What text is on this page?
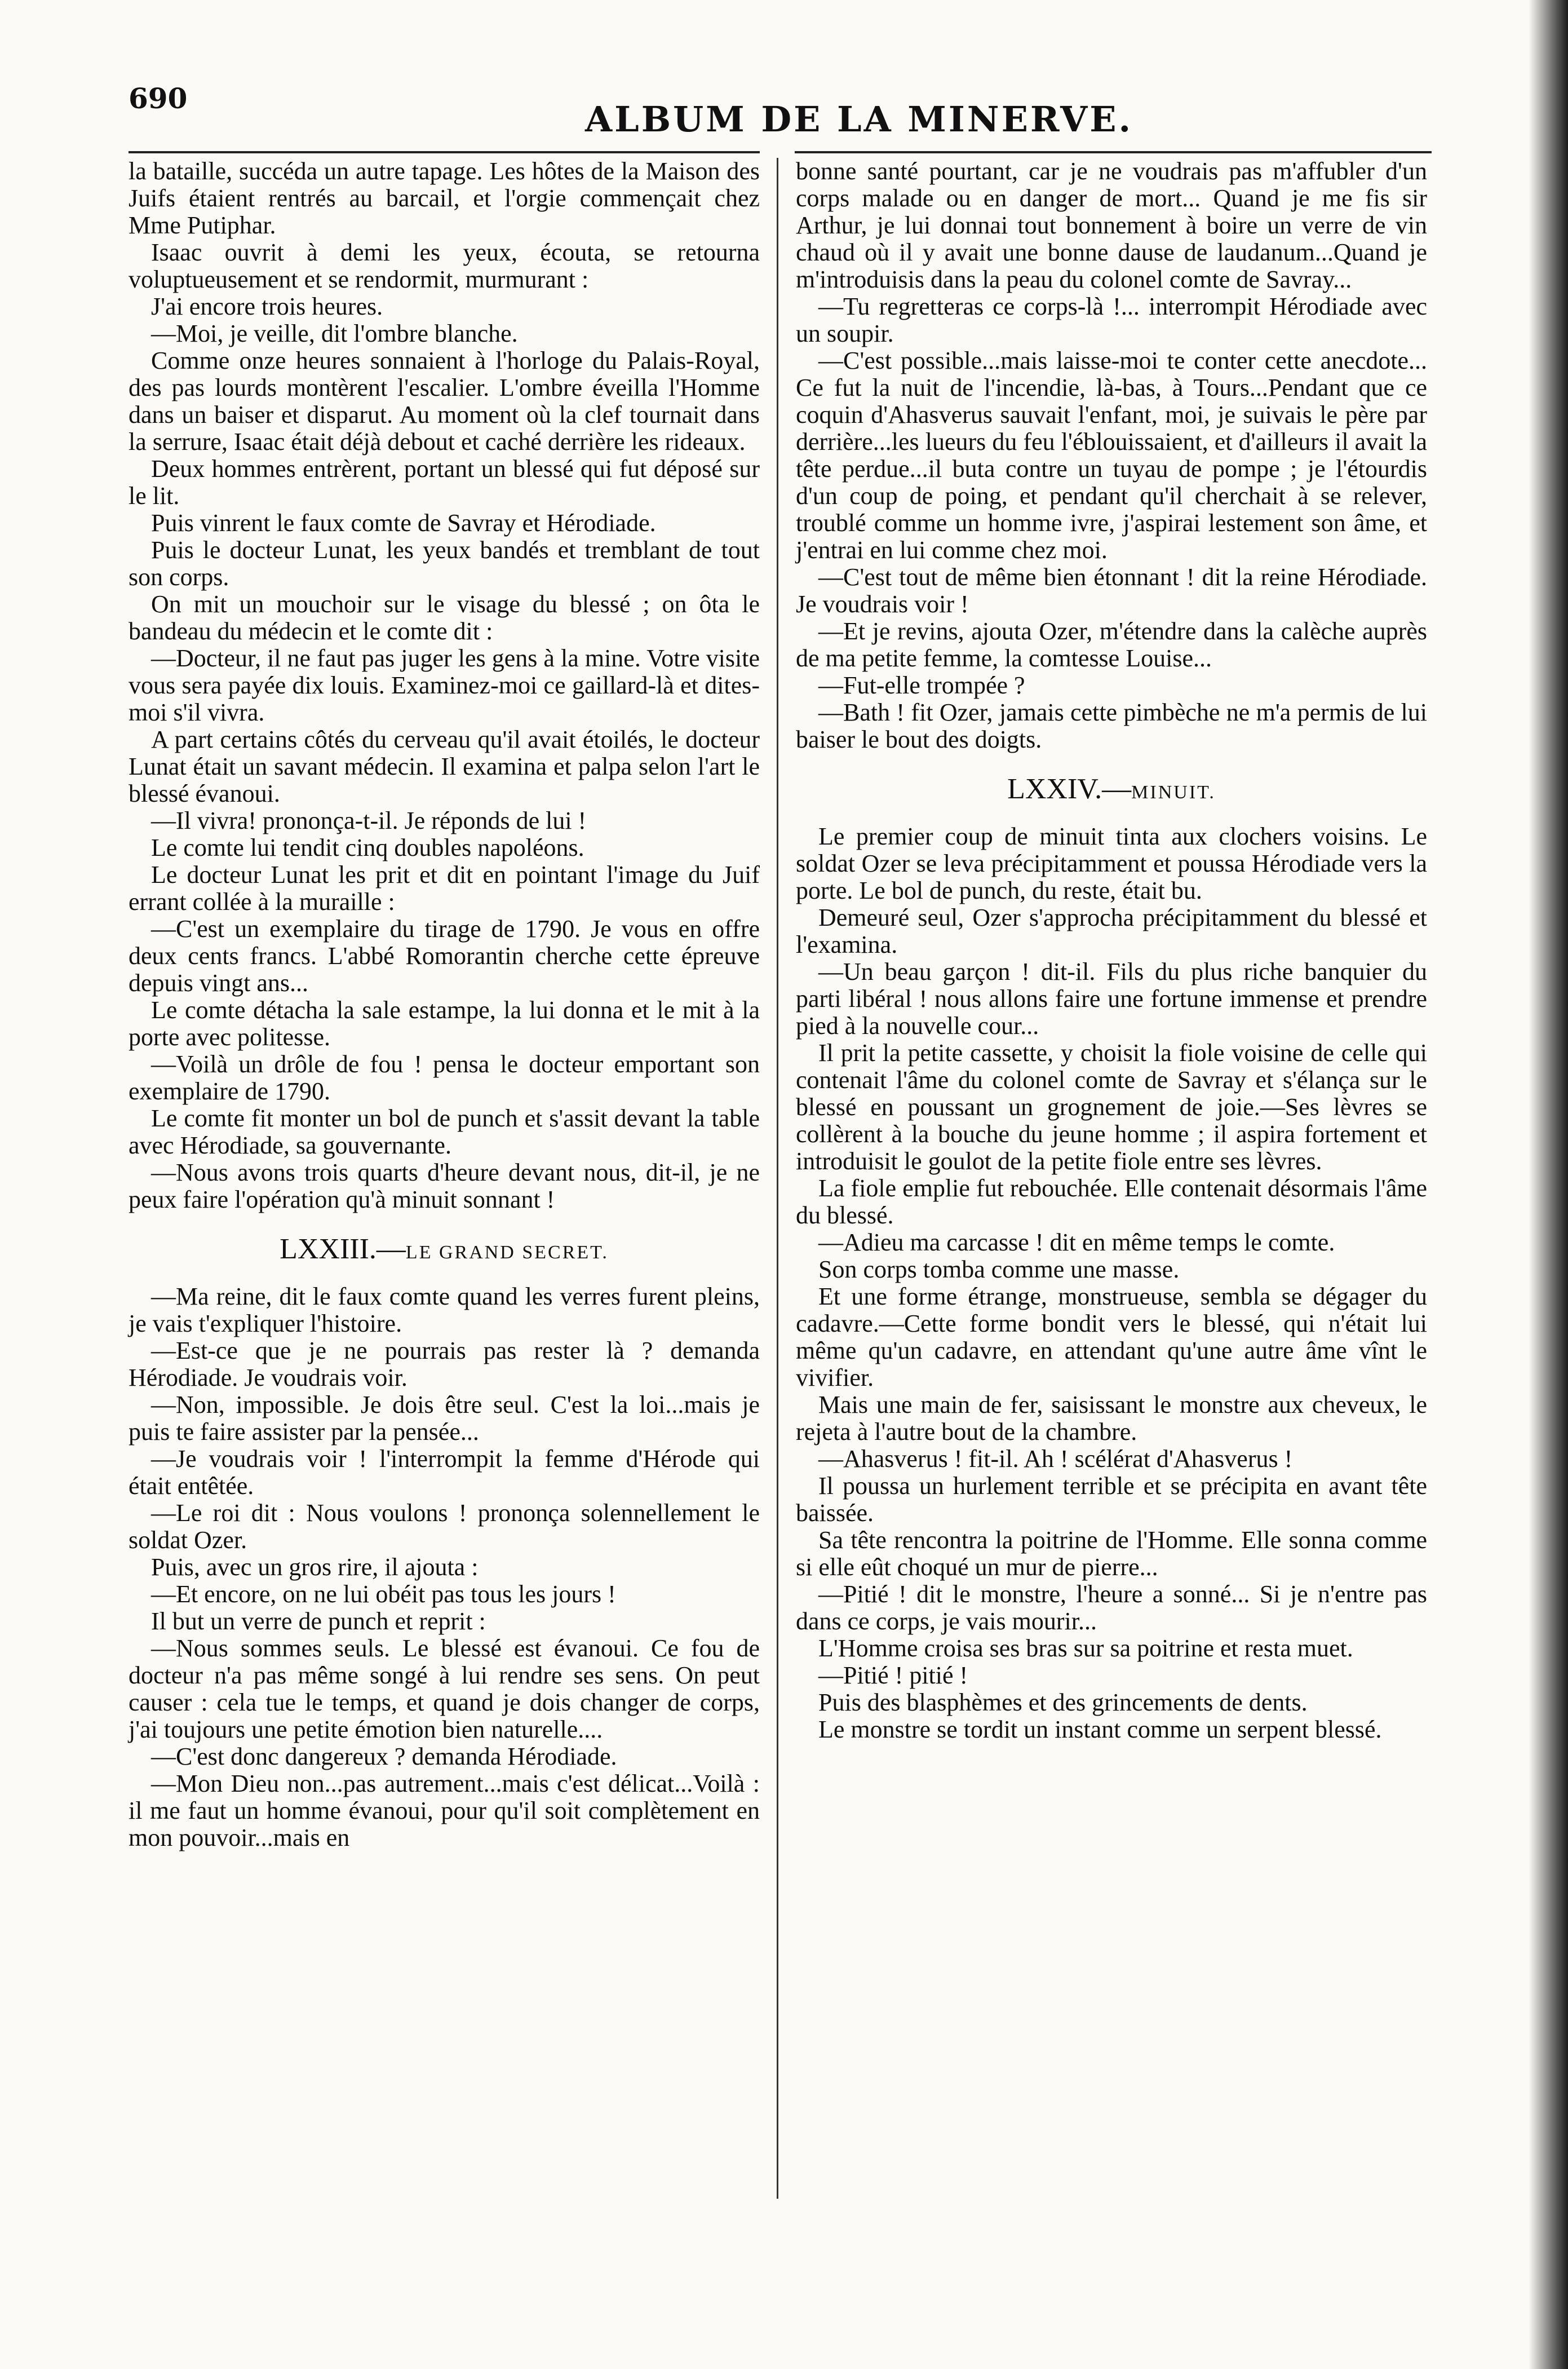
690
ALBUM DE LA MINERVE.

la bataille, succéda un autre tapage. Les hôtes de la Maison des Juifs étaient rentrés au barcail, et l'orgie commençait chez Mme Putiphar.

Isaac ouvrit à demi les yeux, écouta, se retourna voluptueusement et se rendormit, murmurant :

J'ai encore trois heures.

—Moi, je veille, dit l'ombre blanche.

Comme onze heures sonnaient à l'horloge du Palais-Royal, des pas lourds montèrent l'escalier. L'ombre éveilla l'Homme dans un baiser et disparut. Au moment où la clef tournait dans la serrure, Isaac était déjà debout et caché derrière les rideaux.

Deux hommes entrèrent, portant un blessé qui fut déposé sur le lit.

Puis vinrent le faux comte de Savray et Hérodiade.

Puis le docteur Lunat, les yeux bandés et tremblant de tout son corps.

On mit un mouchoir sur le visage du blessé ; on ôta le bandeau du médecin et le comte dit :

—Docteur, il ne faut pas juger les gens à la mine. Votre visite vous sera payée dix louis. Examinez-moi ce gaillard-là et dites-moi s'il vivra.

A part certains côtés du cerveau qu'il avait étoilés, le docteur Lunat était un savant médecin. Il examina et palpa selon l'art le blessé évanoui.

—Il vivra! prononça-t-il. Je réponds de lui !

Le comte lui tendit cinq doubles napoléons.

Le docteur Lunat les prit et dit en pointant l'image du Juif errant collée à la muraille :

—C'est un exemplaire du tirage de 1790. Je vous en offre deux cents francs. L'abbé Romorantin cherche cette épreuve depuis vingt ans...

Le comte détacha la sale estampe, la lui donna et le mit à la porte avec politesse.

—Voilà un drôle de fou ! pensa le docteur emportant son exemplaire de 1790.

Le comte fit monter un bol de punch et s'assit devant la table avec Hérodiade, sa gouvernante.

—Nous avons trois quarts d'heure devant nous, dit-il, je ne peux faire l'opération qu'à minuit sonnant !

LXXIII.—LE GRAND SECRET.

—Ma reine, dit le faux comte quand les verres furent pleins, je vais t'expliquer l'histoire.

—Est-ce que je ne pourrais pas rester là ? demanda Hérodiade. Je voudrais voir.

—Non, impossible. Je dois être seul. C'est la loi...mais je puis te faire assister par la pensée...

—Je voudrais voir ! l'interrompit la femme d'Hérode qui était entêtée.

—Le roi dit : Nous voulons ! prononça solennellement le soldat Ozer.

Puis, avec un gros rire, il ajouta :

—Et encore, on ne lui obéit pas tous les jours !

Il but un verre de punch et reprit :

—Nous sommes seuls. Le blessé est évanoui. Ce fou de docteur n'a pas même songé à lui rendre ses sens. On peut causer : cela tue le temps, et quand je dois changer de corps, j'ai toujours une petite émotion bien naturelle....

—C'est donc dangereux ? demanda Hérodiade.

—Mon Dieu non...pas autrement...mais c'est délicat...Voilà : il me faut un homme évanoui, pour qu'il soit complètement en mon pouvoir...mais en

bonne santé pourtant, car je ne voudrais pas m'affubler d'un corps malade ou en danger de mort... Quand je me fis sir Arthur, je lui donnai tout bonnement à boire un verre de vin chaud où il y avait une bonne dause de laudanum...Quand je m'introduisis dans la peau du colonel comte de Savray...

—Tu regretteras ce corps-là !... interrompit Hérodiade avec un soupir.

—C'est possible...mais laisse-moi te conter cette anecdote... Ce fut la nuit de l'incendie, là-bas, à Tours...Pendant que ce coquin d'Ahasverus sauvait l'enfant, moi, je suivais le père par derrière...les lueurs du feu l'éblouissaient, et d'ailleurs il avait la tête perdue...il buta contre un tuyau de pompe ; je l'étourdis d'un coup de poing, et pendant qu'il cherchait à se relever, troublé comme un homme ivre, j'aspirai lestement son âme, et j'entrai en lui comme chez moi.

—C'est tout de même bien étonnant ! dit la reine Hérodiade. Je voudrais voir !

—Et je revins, ajouta Ozer, m'étendre dans la calèche auprès de ma petite femme, la comtesse Louise...

—Fut-elle trompée ?

—Bath ! fit Ozer, jamais cette pimbèche ne m'a permis de lui baiser le bout des doigts.

LXXIV.—MINUIT.

Le premier coup de minuit tinta aux clochers voisins. Le soldat Ozer se leva précipitamment et poussa Hérodiade vers la porte. Le bol de punch, du reste, était bu.

Demeuré seul, Ozer s'approcha précipitamment du blessé et l'examina.

—Un beau garçon ! dit-il. Fils du plus riche banquier du parti libéral ! nous allons faire une fortune immense et prendre pied à la nouvelle cour...

Il prit la petite cassette, y choisit la fiole voisine de celle qui contenait l'âme du colonel comte de Savray et s'élança sur le blessé en poussant un grognement de joie.—Ses lèvres se collèrent à la bouche du jeune homme ; il aspira fortement et introduisit le goulot de la petite fiole entre ses lèvres.

La fiole emplie fut rebouchée. Elle contenait désormais l'âme du blessé.

—Adieu ma carcasse ! dit en même temps le comte.

Son corps tomba comme une masse.

Et une forme étrange, monstrueuse, sembla se dégager du cadavre.—Cette forme bondit vers le blessé, qui n'était lui même qu'un cadavre, en attendant qu'une autre âme vînt le vivifier.

Mais une main de fer, saisissant le monstre aux cheveux, le rejeta à l'autre bout de la chambre.

—Ahasverus ! fit-il. Ah ! scélérat d'Ahasverus !

Il poussa un hurlement terrible et se précipita en avant tête baissée.

Sa tête rencontra la poitrine de l'Homme. Elle sonna comme si elle eût choqué un mur de pierre...

—Pitié ! dit le monstre, l'heure a sonné... Si je n'entre pas dans ce corps, je vais mourir...

L'Homme croisa ses bras sur sa poitrine et resta muet.

—Pitié ! pitié !

Puis des blasphèmes et des grincements de dents.

Le monstre se tordit un instant comme un serpent blessé.
